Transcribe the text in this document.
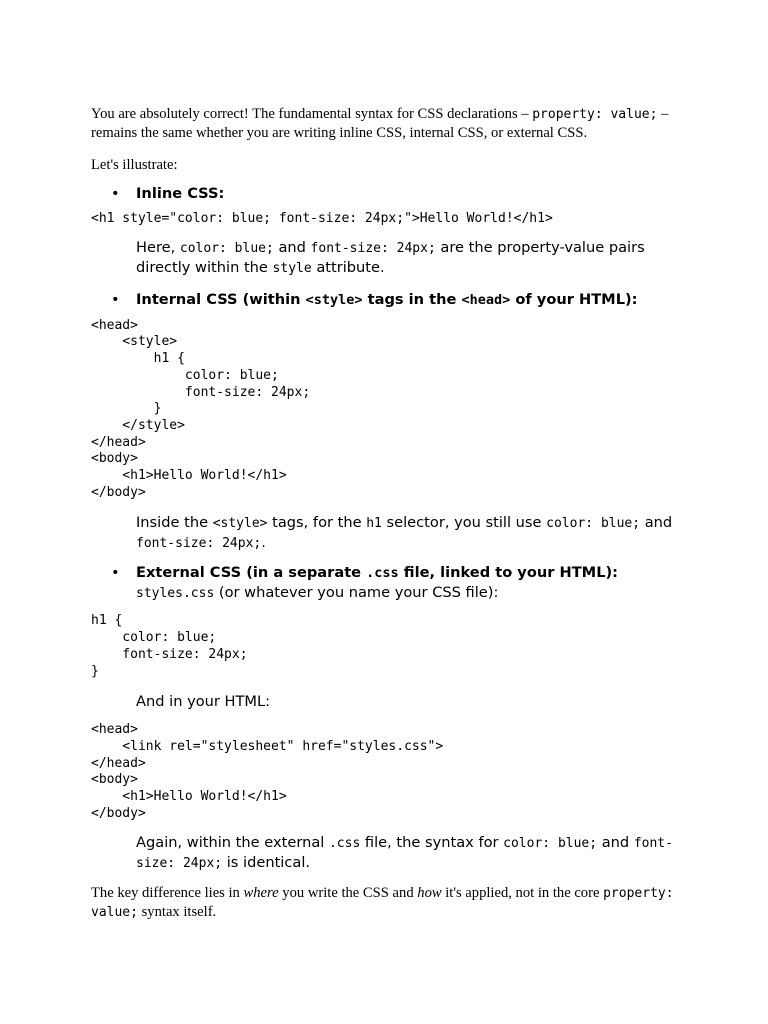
You are absolutely correct! The fundamental syntax for CSS declarations – property: value; – remains the same whether you are writing inline CSS, internal CSS, or external CSS.

Let's illustrate:

• Inline CSS:
<h1 style="color: blue; font-size: 24px;">Hello World!</h1>

Here, color: blue; and font-size: 24px; are the property-value pairs directly within the style attribute.

• Internal CSS (within <style> tags in the <head> of your HTML):
<head>
<style>
h1 {
color: blue;
font-size: 24px;
}
</style>
</head>
<body>
<h1>Hello World!</h1>
</body>

Inside the <style> tags, for the h1 selector, you still use color: blue; and font-size: 24px;.

• External CSS (in a separate .css file, linked to your HTML):

styles.css (or whatever you name your CSS file):

h1 {
color: blue;
font-size: 24px;
}

And in your HTML:

<head>
<link rel="stylesheet" href="styles.css">
</head>
<body>
<h1>Hello World!</h1>
</body>

Again, within the external .css file, the syntax for color: blue; and font-size: 24px; is identical.

The key difference lies in where you write the CSS and how it's applied, not in the core property: value; syntax itself.
